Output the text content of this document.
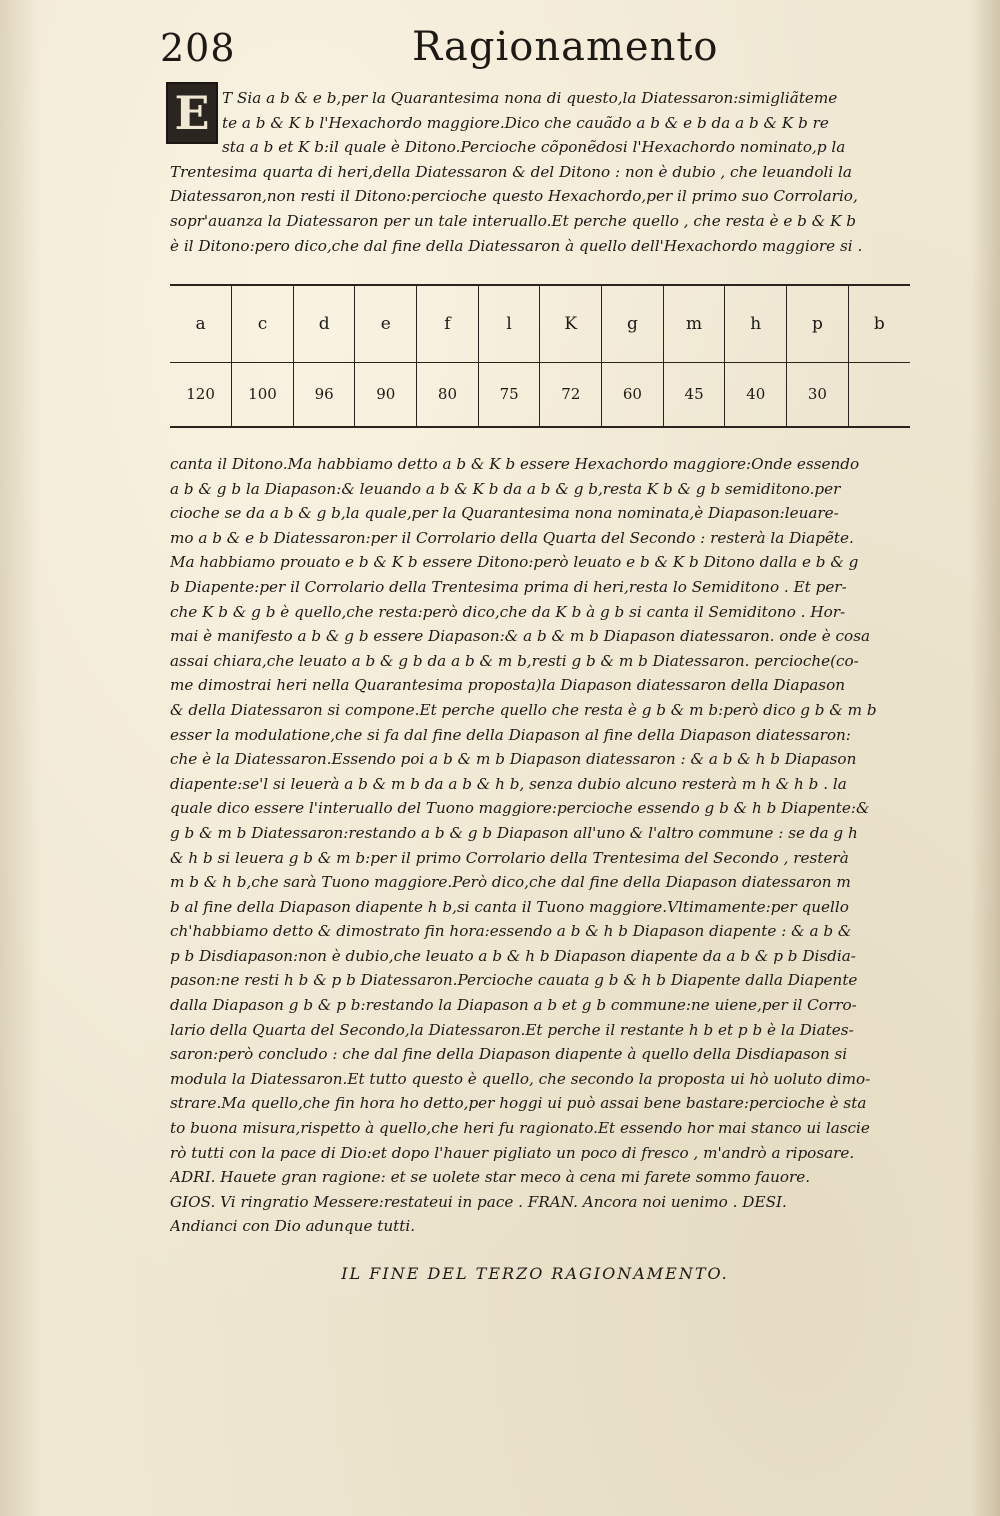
208	Ragionamento
E T Sia a b & e b,per la Quarantesima nona di questo,la Diatessaron:simigliãteme
te a b & K b l'Hexachordo maggiore.Dico che cauãdo a b & e b da a b & K b re
sta a b et K b:il quale è Ditono.Percioche cõponẽdosi l'Hexachordo nominato,p la
Trentesima quarta di heri,della Diatessaron & del Ditono : non è dubio , che leuandoli la
Diatessaron,non resti il Ditono:percioche questo Hexachordo,per il primo suo Corrolario,
sopr'auanza la Diatessaron per un tale interuallo.Et perche quello , che resta è e b & K b
è il Ditono:pero dico,che dal fine della Diatessaron à quello dell'Hexachordo maggiore si .
a	c	d	e	f	l	K	g	m	h	p	b
120	100	96	90	80	75	72	60	45	40	30	
canta il Ditono.Ma habbiamo detto a b & K b essere Hexachordo maggiore:Onde essendo
a b & g b la Diapason:& leuando a b & K b da a b & g b,resta K b & g b semiditono.per
cioche se da a b & g b,la quale,per la Quarantesima nona nominata,è Diapason:leuare-
mo a b & e b Diatessaron:per il Corrolario della Quarta del Secondo : resterà la Diapẽte.
Ma habbiamo prouato e b & K b essere Ditono:però leuato e b & K b Ditono dalla e b & g
b Diapente:per il Corrolario della Trentesima prima di heri,resta lo Semiditono . Et per-
che K b & g b è quello,che resta:però dico,che da K b à g b si canta il Semiditono . Hor-
mai è manifesto a b & g b essere Diapason:& a b & m b Diapason diatessaron. onde è cosa
assai chiara,che leuato a b & g b da a b & m b,resti g b & m b Diatessaron. percioche(co-
me dimostrai heri nella Quarantesima proposta)la Diapason diatessaron della Diapason
& della Diatessaron si compone.Et perche quello che resta è g b & m b:però dico g b & m b
esser la modulatione,che si fa dal fine della Diapason al fine della Diapason diatessaron:
che è la Diatessaron.Essendo poi a b & m b Diapason diatessaron : & a b & h b Diapason
diapente:se'l si leuerà a b & m b da a b & h b, senza dubio alcuno resterà m h & h b . la
quale dico essere l'interuallo del Tuono maggiore:percioche essendo g b & h b Diapente:&
g b & m b Diatessaron:restando a b & g b Diapason all'uno & l'altro commune : se da g h
& h b si leuera g b & m b:per il primo Corrolario della Trentesima del Secondo , resterà
m b & h b,che sarà Tuono maggiore.Però dico,che dal fine della Diapason diatessaron m
b al fine della Diapason diapente h b,si canta il Tuono maggiore.Vltimamente:per quello
ch'habbiamo detto & dimostrato fin hora:essendo a b & h b Diapason diapente : & a b &
p b Disdiapason:non è dubio,che leuato a b & h b Diapason diapente da a b & p b Disdia-
pason:ne resti h b & p b Diatessaron.Percioche cauata g b & h b Diapente dalla Diapente
dalla Diapason g b & p b:restando la Diapason a b et g b commune:ne uiene,per il Corro-
lario della Quarta del Secondo,la Diatessaron.Et perche il restante h b et p b è la Diates-
saron:però concludo : che dal fine della Diapason diapente à quello della Disdiapason si
modula la Diatessaron.Et tutto questo è quello, che secondo la proposta ui hò uoluto dimo-
strare.Ma quello,che fin hora ho detto,per hoggi ui può assai bene bastare:percioche è sta
to buona misura,rispetto à quello,che heri fu ragionato.Et essendo hor mai stanco ui lascie
rò tutti con la pace di Dio:et dopo l'hauer pigliato un poco di fresco , m'andrò a riposare.
ADRI. Hauete gran ragione: et se uolete star meco à cena mi farete sommo fauore.
GIOS. Vi ringratio Messere:restateui in pace . FRAN. Ancora noi uenimo . DESI.
Andianci con Dio adunque tutti.
IL FINE DEL TERZO RAGIONAMENTO.
